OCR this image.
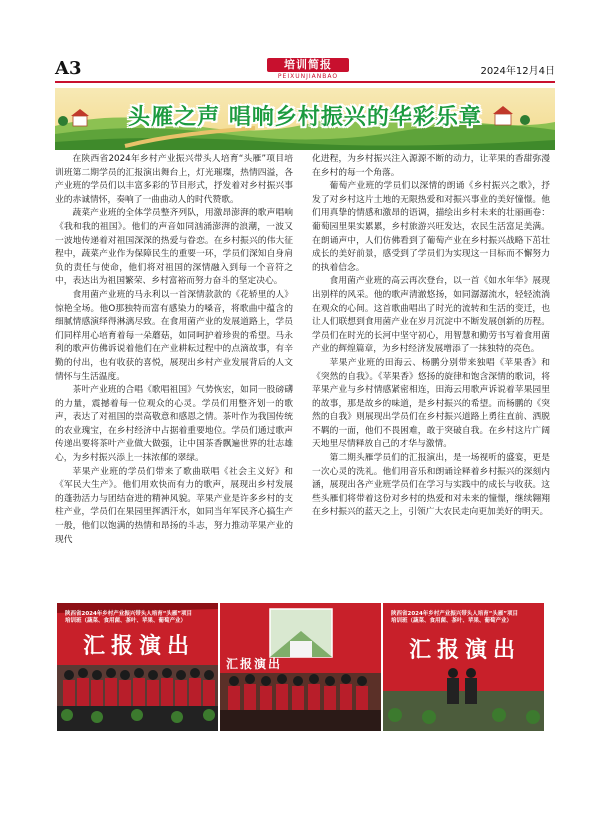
A3	培训简报
PEIXUNJIANBAO	2024年12月4日
头雁之声 唱响乡村振兴的华彩乐章

在陕西省2024年乡村产业振兴带头人培育“头雁”项目培训班第二期学员的汇报演出舞台上，灯光璀璨，热情四溢，各产业班的学员们以丰富多彩的节目形式，抒发着对乡村振兴事业的赤诚情怀，奏响了一曲曲动人的时代赞歌。

蔬菜产业班的全体学员整齐列队，用激昂澎湃的歌声唱响《我和我的祖国》。他们的声音如同汹涌澎湃的浪潮，一波又一波地传递着对祖国深深的热爱与眷恋。在乡村振兴的伟大征程中，蔬菜产业作为保障民生的重要一环，学员们深知自身肩负的责任与使命，他们将对祖国的深情融入到每一个音符之中，表达出为祖国繁荣、乡村富裕而努力奋斗的坚定决心。

食用菌产业班的马永利以一首深情款款的《花轿里的人》惊艳全场。他O那独特而富有感染力的嗓音，将歌曲中蕴含的细腻情感演绎得淋漓尽致。在食用菌产业的发展道路上，学员们同样用心培育着每一朵蘑菇，如同呵护着珍贵的希望。马永利的歌声仿佛诉说着他们在产业耕耘过程中的点滴故事，有辛勤的付出，也有收获的喜悦，展现出乡村产业发展背后的人文情怀与生活温度。

茶叶产业班的合唱《歌唱祖国》气势恢宏，如同一股磅礴的力量，震撼着每一位观众的心灵。学员们用整齐划一的歌声，表达了对祖国的崇高敬意和感恩之情。茶叶作为我国传统的农业瑰宝，在乡村经济中占据着重要地位。学员们通过歌声传递出要将茶叶产业做大做强，让中国茶香飘遍世界的壮志雄心，为乡村振兴添上一抹浓郁的翠绿。

苹果产业班的学员们带来了歌曲联唱《社会主义好》和《军民大生产》。他们用欢快而有力的歌声，展现出乡村发展的蓬勃活力与团结奋进的精神风貌。苹果产业是许多乡村的支柱产业，学员们在果园里挥洒汗水，如同当年军民齐心搞生产一般，他们以饱满的热情和昂扬的斗志，努力推动苹果产业的现代

化进程，为乡村振兴注入源源不断的动力，让苹果的香甜弥漫在乡村的每一个角落。

葡萄产业班的学员们以深情的朗诵《乡村振兴之歌》，抒发了对乡村这片土地的无限热爱和对振兴事业的美好憧憬。他们用真挚的情感和激昂的语调，描绘出乡村未来的壮丽画卷：葡萄园里果实累累，乡村旅游兴旺发达，农民生活富足美满。在朗诵声中，人们仿佛看到了葡萄产业在乡村振兴战略下茁壮成长的美好前景，感受到了学员们为实现这一目标而不懈努力的执着信念。

食用菌产业班的高云再次登台，以一首《如水年华》展现出别样的风采。他的歌声清澈悠扬，如同潺潺流水，轻轻流淌在观众的心间。这首歌曲唱出了时光的流转和生活的变迁，也让人们联想到食用菌产业在岁月沉淀中不断发展创新的历程。学员们在时光的长河中坚守初心，用智慧和勤劳书写着食用菌产业的辉煌篇章，为乡村经济发展增添了一抹独特的亮色。

苹果产业班的田海云、杨鹏分别带来独唱《苹果香》和《突然的自我》。《苹果香》悠扬的旋律和饱含深情的歌词，将苹果产业与乡村情感紧密相连，田海云用歌声诉说着苹果园里的故事，那是故乡的味道，是乡村振兴的希望。而杨鹏的《突然的自我》则展现出学员们在乡村振兴道路上勇往直前、洒脱不羁的一面，他们不畏困难，敢于突破自我。在乡村这片广阔天地里尽情释放自己的才华与激情。

第二期头雁学员们的汇报演出，是一场视听的盛宴，更是一次心灵的洗礼。他们用音乐和朗诵诠释着乡村振兴的深刻内涵，展现出各产业班学员们在学习与实践中的成长与收获。这些头雁们将带着这份对乡村的热爱和对未来的憧憬，继续翱翔在乡村振兴的蓝天之上，引领广大农民走向更加美好的明天。

陕西省2024年乡村产业振兴带头人培育“头雁”项目
培训班（蔬菜、食用菌、茶叶、苹果、葡萄产业）
汇报演出
汇报演出
陕西省2024年乡村产业振兴带头人培育“头雁”项目
培训班（蔬菜、食用菌、茶叶、苹果、葡萄产业）
汇报演出
